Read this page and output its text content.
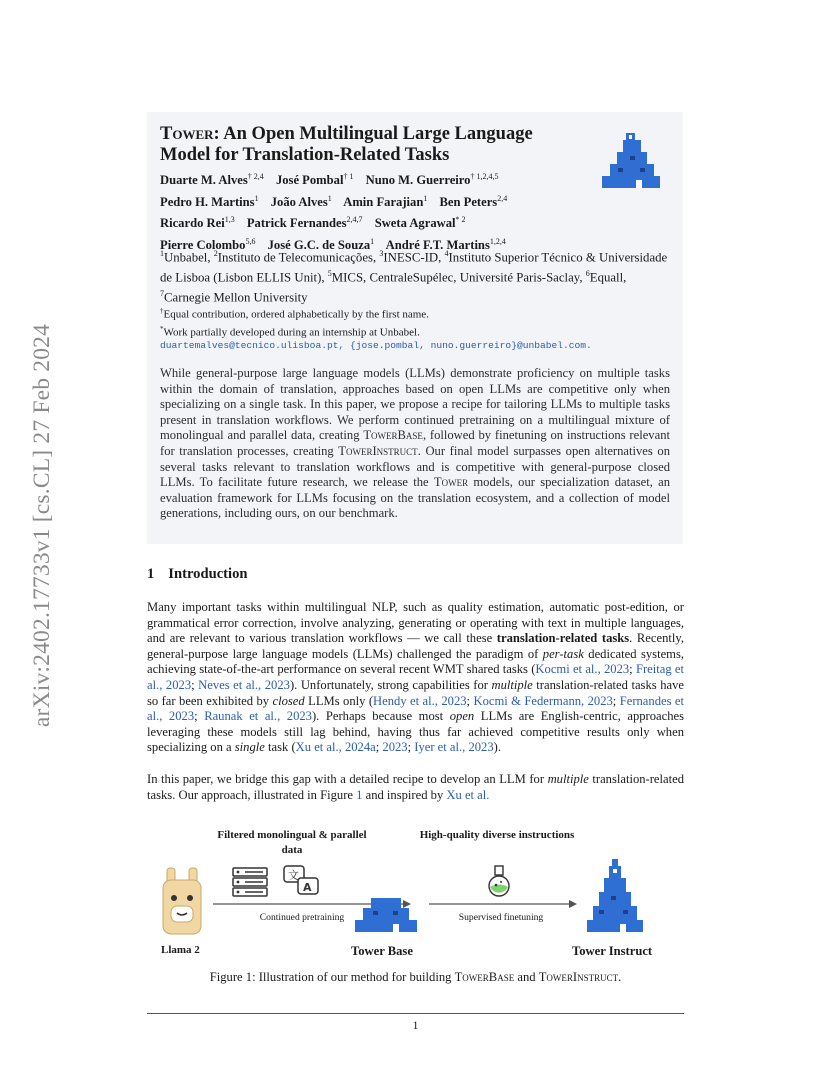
arXiv:2402.17733v1 [cs.CL] 27 Feb 2024
Tower: An Open Multilingual Large Language
Model for Translation-Related Tasks
Duarte M. Alves$^{\dagger 2,4}$ José Pombal$^{\dagger 1}$ Nuno M. Guerreiro$^{\dagger 1,2,4,5}$
Pedro H. Martins$^1$ João Alves$^1$ Amin Farajian$^1$ Ben Peters$^{2,4}$
Ricardo Rei$^{1,3}$ Patrick Fernandes$^{2,4,7}$ Sweta Agrawal$^{* 2}$
Pierre Colombo$^{5,6}$ José G.C. de Souza$^1$ André F.T. Martins$^{1,2,4}$
$^1$Unbabel, $^2$Instituto de Telecomunicações, $^3$INESC-ID, $^4$Instituto Superior Técnico & Universidade de Lisboa (Lisbon ELLIS Unit), $^5$MICS, CentraleSupélec, Université Paris-Saclay, $^6$Equall, $^7$Carnegie Mellon University
†Equal contribution, ordered alphabetically by the first name.
*Work partially developed during an internship at Unbabel.
duartemalves@tecnico.ulisboa.pt, {jose.pombal, nuno.guerreiro}@unbabel.com.
While general-purpose large language models (LLMs) demonstrate proficiency on multiple tasks within the domain of translation, approaches based on open LLMs are competitive only when specializing on a single task. In this paper, we propose a recipe for tailoring LLMs to multiple tasks present in translation workflows. We perform continued pretraining on a multilingual mixture of monolingual and parallel data, creating TowerBase, followed by finetuning on instructions relevant for translation processes, creating TowerInstruct. Our final model surpasses open alternatives on several tasks relevant to translation workflows and is competitive with general-purpose closed LLMs. To facilitate future research, we release the Tower models, our specialization dataset, an evaluation framework for LLMs focusing on the translation ecosystem, and a collection of model generations, including ours, on our benchmark.
1 Introduction

Many important tasks within multilingual NLP, such as quality estimation, automatic post-edition, or grammatical error correction, involve analyzing, generating or operating with text in multiple languages, and are relevant to various translation workflows — we call these translation-related tasks. Recently, general-purpose large language models (LLMs) challenged the paradigm of per-task dedicated systems, achieving state-of-the-art performance on several recent WMT shared tasks (Kocmi et al., 2023; Freitag et al., 2023; Neves et al., 2023). Unfortunately, strong capabilities for multiple translation-related tasks have so far been exhibited by closed LLMs only (Hendy et al., 2023; Kocmi & Federmann, 2023; Fernandes et al., 2023; Raunak et al., 2023). Perhaps because most open LLMs are English-centric, approaches leveraging these models still lag behind, having thus far achieved competitive results only when specializing on a single task (Xu et al., 2024a; 2023; Iyer et al., 2023).

In this paper, we bridge this gap with a detailed recipe to develop an LLM for multiple translation-related tasks. Our approach, illustrated in Figure 1 and inspired by Xu et al.

Filtered monolingual & parallel data
High-quality diverse instructions
Llama 2
文
A
Continued pretraining	Supervised finetuning
Tower Base	Tower Instruct
Figure 1: Illustration of our method for building TowerBase and TowerInstruct.
1
